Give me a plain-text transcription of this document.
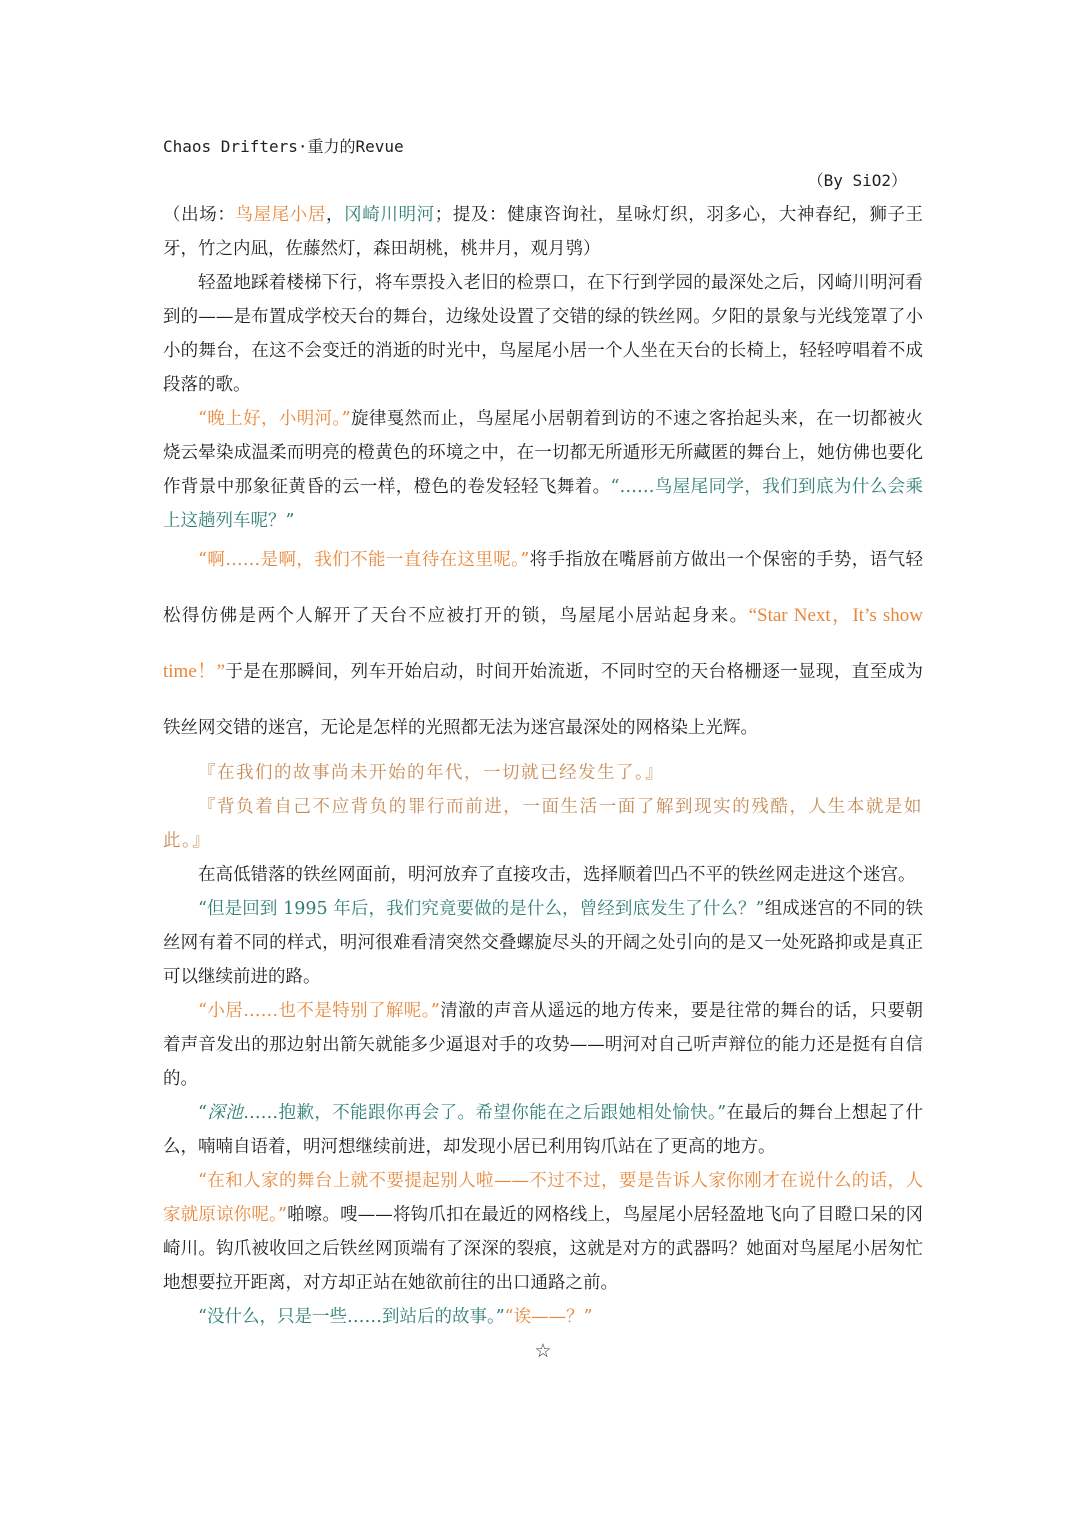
Chaos Drifters·重力的Revue
（By SiO2）

（出场：鸟屋尾小居，冈崎川明河；提及：健康咨询社，星咏灯织，羽多心，大神春纪，狮子王牙，竹之内凪，佐藤然灯，森田胡桃，桃井月，观月鸮）

轻盈地踩着楼梯下行，将车票投入老旧的检票口，在下行到学园的最深处之后，冈崎川明河看到的——是布置成学校天台的舞台，边缘处设置了交错的绿的铁丝网。夕阳的景象与光线笼罩了小小的舞台，在这不会变迁的消逝的时光中，鸟屋尾小居一个人坐在天台的长椅上，轻轻哼唱着不成段落的歌。

“晚上好，小明河。”旋律戛然而止，鸟屋尾小居朝着到访的不速之客抬起头来，在一切都被火烧云晕染成温柔而明亮的橙黄色的环境之中，在一切都无所遁形无所藏匿的舞台上，她仿佛也要化作背景中那象征黄昏的云一样，橙色的卷发轻轻飞舞着。“……鸟屋尾同学，我们到底为什么会乘上这趟列车呢？”

“啊……是啊，我们不能一直待在这里呢。”将手指放在嘴唇前方做出一个保密的手势，语气轻松得仿佛是两个人解开了天台不应被打开的锁，鸟屋尾小居站起身来。“Star Next，It’s show time！”于是在那瞬间，列车开始启动，时间开始流逝，不同时空的天台格栅逐一显现，直至成为铁丝网交错的迷宫，无论是怎样的光照都无法为迷宫最深处的网格染上光辉。

『在我们的故事尚未开始的年代，一切就已经发生了。』

『背负着自己不应背负的罪行而前进，一面生活一面了解到现实的残酷，人生本就是如此。』

在高低错落的铁丝网面前，明河放弃了直接攻击，选择顺着凹凸不平的铁丝网走进这个迷宫。

“但是回到 1995 年后，我们究竟要做的是什么，曾经到底发生了什么？”组成迷宫的不同的铁丝网有着不同的样式，明河很难看清突然交叠螺旋尽头的开阔之处引向的是又一处死路抑或是真正可以继续前进的路。

“小居……也不是特别了解呢。”清澈的声音从遥远的地方传来，要是往常的舞台的话，只要朝着声音发出的那边射出箭矢就能多少逼退对手的攻势——明河对自己听声辩位的能力还是挺有自信的。

“深池……抱歉，不能跟你再会了。希望你能在之后跟她相处愉快。”在最后的舞台上想起了什么，喃喃自语着，明河想继续前进，却发现小居已利用钩爪站在了更高的地方。

“在和人家的舞台上就不要提起别人啦——不过不过，要是告诉人家你刚才在说什么的话，人家就原谅你呢。”啪嚓。嗖——将钩爪扣在最近的网格线上，鸟屋尾小居轻盈地飞向了目瞪口呆的冈崎川。钩爪被收回之后铁丝网顶端有了深深的裂痕，这就是对方的武器吗？她面对鸟屋尾小居匆忙地想要拉开距离，对方却正站在她欲前往的出口通路之前。

“没什么，只是一些……到站后的故事。”“诶——？”

☆
